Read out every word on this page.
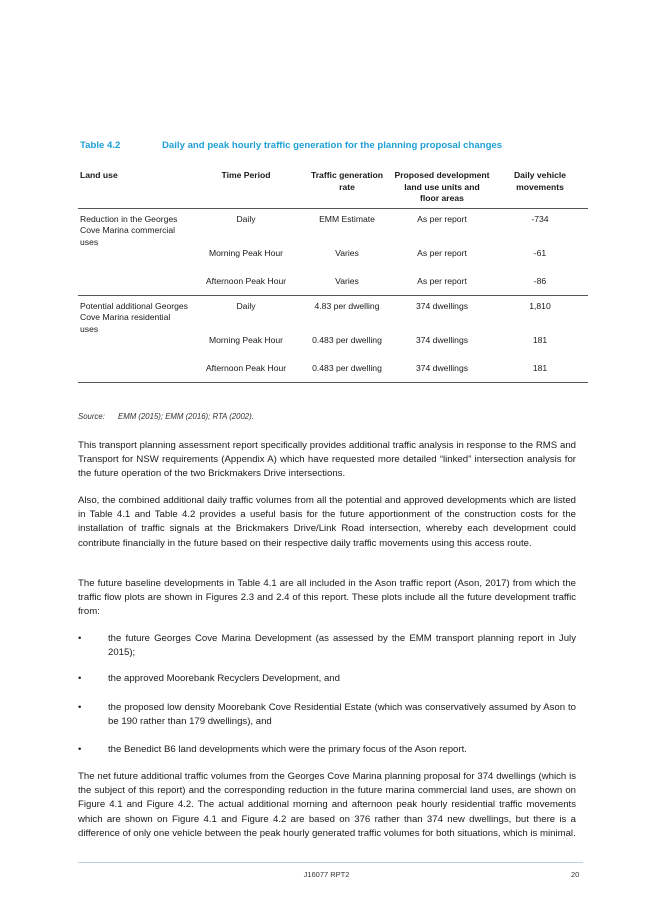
Table 4.2	Daily and peak hourly traffic generation for the planning proposal changes
Land use	Time Period	Traffic generation rate	Proposed development land use units and floor areas	Daily vehicle movements
Reduction in the Georges Cove Marina commercial uses	Daily	EMM Estimate	As per report	-734
	Morning Peak Hour	Varies	As per report	-61
	Afternoon Peak Hour	Varies	As per report	-86
Potential additional Georges Cove Marina residential uses	Daily	4.83 per dwelling	374 dwellings	1,810
	Morning Peak Hour	0.483 per dwelling	374 dwellings	181
	Afternoon Peak Hour	0.483 per dwelling	374 dwellings	181
Source:	EMM (2015); EMM (2016); RTA (2002).

This transport planning assessment report specifically provides additional traffic analysis in response to the RMS and Transport for NSW requirements (Appendix A) which have requested more detailed “linked” intersection analysis for the future operation of the two Brickmakers Drive intersections.

Also, the combined additional daily traffic volumes from all the potential and approved developments which are listed in Table 4.1 and Table 4.2 provides a useful basis for the future apportionment of the construction costs for the installation of traffic signals at the Brickmakers Drive/Link Road intersection, whereby each development could contribute financially in the future based on their respective daily traffic movements using this access route.

The future baseline developments in Table 4.1 are all included in the Ason traffic report (Ason, 2017) from which the traffic flow plots are shown in Figures 2.3 and 2.4 of this report. These plots include all the future development traffic from:

•	the future Georges Cove Marina Development (as assessed by the EMM transport planning report in July 2015);
•	the approved Moorebank Recyclers Development, and
•	the proposed low density Moorebank Cove Residential Estate (which was conservatively assumed by Ason to be 190 rather than 179 dwellings), and
•	the Benedict B6 land developments which were the primary focus of the Ason report.

The net future additional traffic volumes from the Georges Cove Marina planning proposal for 374 dwellings (which is the subject of this report) and the corresponding reduction in the future marina commercial land uses, are shown on Figure 4.1 and Figure 4.2. The actual additional morning and afternoon peak hourly residential traffic movements which are shown on Figure 4.1 and Figure 4.2 are based on 376 rather than 374 new dwellings, but there is a difference of only one vehicle between the peak hourly generated traffic volumes for both situations, which is minimal.

J16077 RPT2	20
